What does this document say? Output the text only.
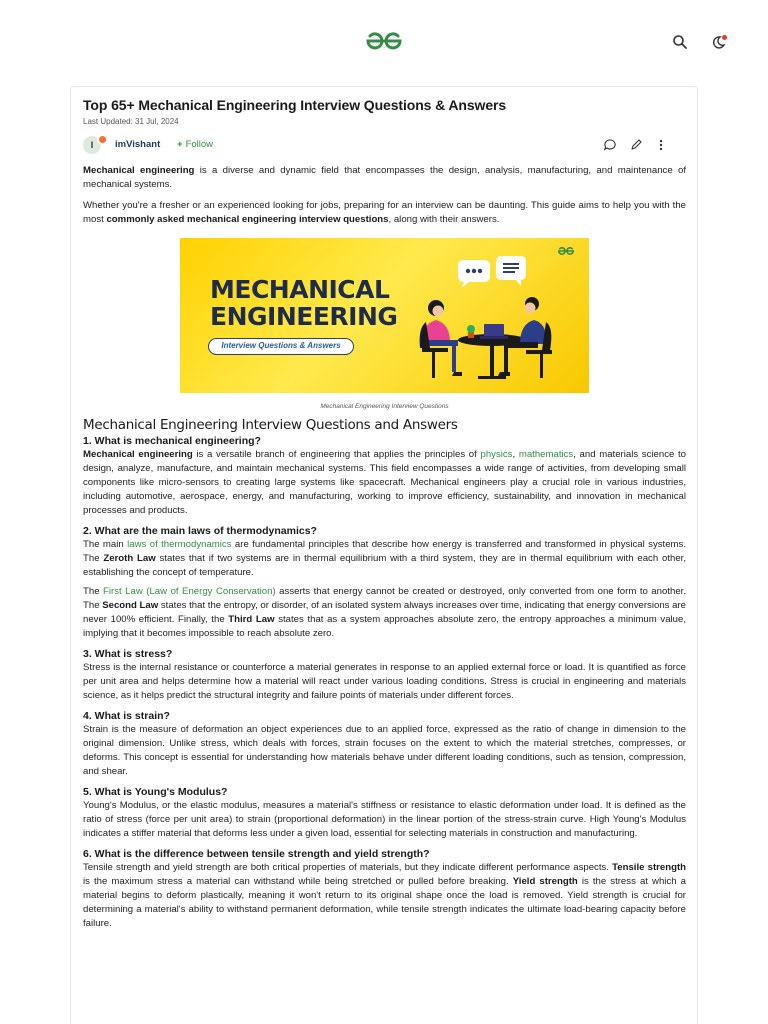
Top 65+ Mechanical Engineering Interview Questions & Answers
Last Updated: 31 Jul, 2024
I	imVishant + Follow

Mechanical engineering is a diverse and dynamic field that encompasses the design, analysis, manufacturing, and maintenance of mechanical systems.

Whether you're a fresher or an experienced looking for jobs, preparing for an interview can be daunting. This guide aims to help you with the most commonly asked mechanical engineering interview questions, along with their answers.

MECHANICAL
ENGINEERING
Interview Questions & Answers
Mechanical Engineering Interview Questions
Mechanical Engineering Interview Questions and Answers
1. What is mechanical engineering?

Mechanical engineering is a versatile branch of engineering that applies the principles of physics, mathematics, and materials science to design, analyze, manufacture, and maintain mechanical systems. This field encompasses a wide range of activities, from developing small components like micro-sensors to creating large systems like spacecraft. Mechanical engineers play a crucial role in various industries, including automotive, aerospace, energy, and manufacturing, working to improve efficiency, sustainability, and innovation in mechanical processes and products.

2. What are the main laws of thermodynamics?

The main laws of thermodynamics are fundamental principles that describe how energy is transferred and transformed in physical systems. The Zeroth Law states that if two systems are in thermal equilibrium with a third system, they are in thermal equilibrium with each other, establishing the concept of temperature.

The First Law (Law of Energy Conservation) asserts that energy cannot be created or destroyed, only converted from one form to another. The Second Law states that the entropy, or disorder, of an isolated system always increases over time, indicating that energy conversions are never 100% efficient. Finally, the Third Law states that as a system approaches absolute zero, the entropy approaches a minimum value, implying that it becomes impossible to reach absolute zero.

3. What is stress?

Stress is the internal resistance or counterforce a material generates in response to an applied external force or load. It is quantified as force per unit area and helps determine how a material will react under various loading conditions. Stress is crucial in engineering and materials science, as it helps predict the structural integrity and failure points of materials under different forces.

4. What is strain?

Strain is the measure of deformation an object experiences due to an applied force, expressed as the ratio of change in dimension to the original dimension. Unlike stress, which deals with forces, strain focuses on the extent to which the material stretches, compresses, or deforms. This concept is essential for understanding how materials behave under different loading conditions, such as tension, compression, and shear.

5. What is Young's Modulus?

Young's Modulus, or the elastic modulus, measures a material's stiffness or resistance to elastic deformation under load. It is defined as the ratio of stress (force per unit area) to strain (proportional deformation) in the linear portion of the stress-strain curve. High Young's Modulus indicates a stiffer material that deforms less under a given load, essential for selecting materials in construction and manufacturing.

6. What is the difference between tensile strength and yield strength?

Tensile strength and yield strength are both critical properties of materials, but they indicate different performance aspects. Tensile strength is the maximum stress a material can withstand while being stretched or pulled before breaking. Yield strength is the stress at which a material begins to deform plastically, meaning it won't return to its original shape once the load is removed. Yield strength is crucial for determining a material's ability to withstand permanent deformation, while tensile strength indicates the ultimate load-bearing capacity before failure.
